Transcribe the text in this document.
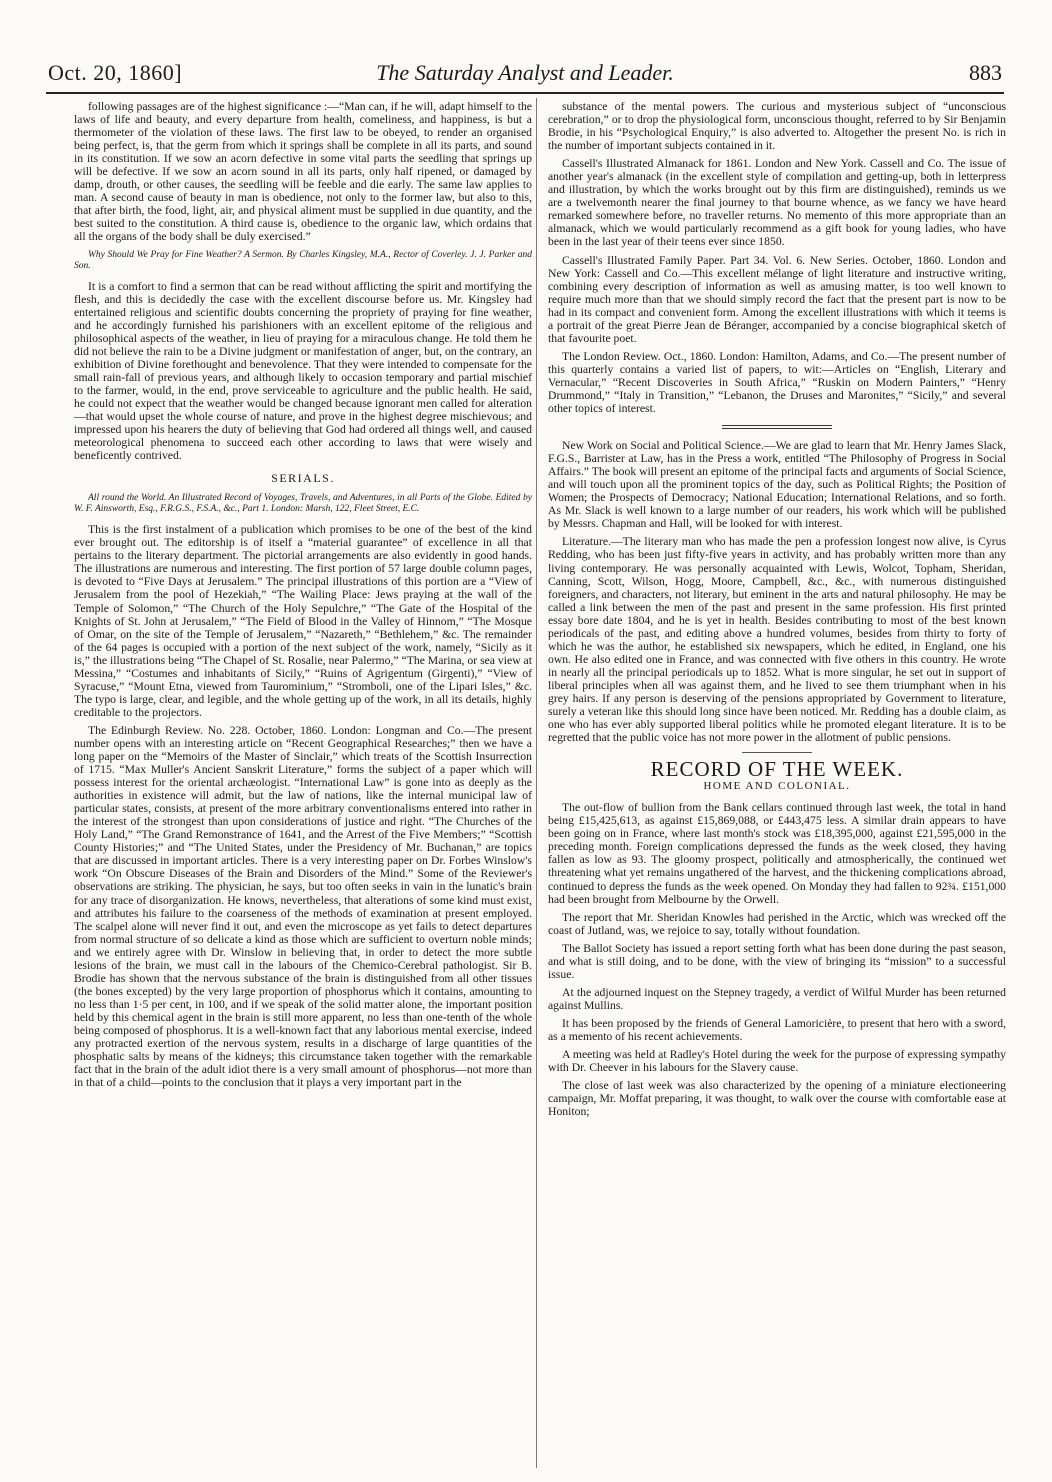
Oct. 20, 1860]	The Saturday Analyst and Leader.	883

following passages are of the highest significance :—“Man can, if he will, adapt himself to the laws of life and beauty, and every departure from health, comeliness, and happiness, is but a thermometer of the violation of these laws. The first law to be obeyed, to render an organised being perfect, is, that the germ from which it springs shall be complete in all its parts, and sound in its constitution. If we sow an acorn defective in some vital parts the seedling that springs up will be defective. If we sow an acorn sound in all its parts, only half ripened, or damaged by damp, drouth, or other causes, the seedling will be feeble and die early. The same law applies to man. A second cause of beauty in man is obedience, not only to the former law, but also to this, that after birth, the food, light, air, and physical aliment must be supplied in due quantity, and the best suited to the constitution. A third cause is, obedience to the organic law, which ordains that all the organs of the body shall be duly exercised.”

Why Should We Pray for Fine Weather? A Sermon. By Charles Kingsley, M.A., Rector of Coverley. J. J. Parker and Son.

It is a comfort to find a sermon that can be read without afflicting the spirit and mortifying the flesh, and this is decidedly the case with the excellent discourse before us. Mr. Kingsley had entertained religious and scientific doubts concerning the propriety of praying for fine weather, and he accordingly furnished his parishioners with an excellent epitome of the religious and philosophical aspects of the weather, in lieu of praying for a miraculous change. He told them he did not believe the rain to be a Divine judgment or manifestation of anger, but, on the contrary, an exhibition of Divine forethought and benevolence. That they were intended to compensate for the small rain-fall of previous years, and although likely to occasion temporary and partial mischief to the farmer, would, in the end, prove serviceable to agriculture and the public health. He said, he could not expect that the weather would be changed because ignorant men called for alteration—that would upset the whole course of nature, and prove in the highest degree mischievous; and impressed upon his hearers the duty of believing that God had ordered all things well, and caused meteorological phenomena to succeed each other according to laws that were wisely and beneficently contrived.

SERIALS.
All round the World. An Illustrated Record of Voyages, Travels, and Adventures, in all Parts of the Globe. Edited by W. F. Ainsworth, Esq., F.R.G.S., F.S.A., &c., Part 1. London: Marsh, 122, Fleet Street, E.C.

This is the first instalment of a publication which promises to be one of the best of the kind ever brought out. The editorship is of itself a “material guarantee” of excellence in all that pertains to the literary department. The pictorial arrangements are also evidently in good hands. The illustrations are numerous and interesting. The first portion of 57 large double column pages, is devoted to “Five Days at Jerusalem.” The principal illustrations of this portion are a “View of Jerusalem from the pool of Hezekiah,” “The Wailing Place: Jews praying at the wall of the Temple of Solomon,” “The Church of the Holy Sepulchre,” “The Gate of the Hospital of the Knights of St. John at Jerusalem,” “The Field of Blood in the Valley of Hinnom,” “The Mosque of Omar, on the site of the Temple of Jerusalem,” “Nazareth,” “Bethlehem,” &c. The remainder of the 64 pages is occupied with a portion of the next subject of the work, namely, “Sicily as it is,” the illustrations being “The Chapel of St. Rosalie, near Palermo,” “The Marina, or sea view at Messina,” “Costumes and inhabitants of Sicily,” “Ruins of Agrigentum (Girgenti),” “View of Syracuse,” “Mount Etna, viewed from Taurominium,” “Stromboli, one of the Lipari Isles,” &c. The typo is large, clear, and legible, and the whole getting up of the work, in all its details, highly creditable to the projectors.

The Edinburgh Review. No. 228. October, 1860. London: Longman and Co.—The present number opens with an interesting article on “Recent Geographical Researches;” then we have a long paper on the “Memoirs of the Master of Sinclair,” which treats of the Scottish Insurrection of 1715. “Max Muller's Ancient Sanskrit Literature,” forms the subject of a paper which will possess interest for the oriental archæologist. “International Law” is gone into as deeply as the authorities in existence will admit, but the law of nations, like the internal municipal law of particular states, consists, at present of the more arbitrary conventionalisms entered into rather in the interest of the strongest than upon considerations of justice and right. “The Churches of the Holy Land,” “The Grand Remonstrance of 1641, and the Arrest of the Five Members;” “Scottish County Histories;” and “The United States, under the Presidency of Mr. Buchanan,” are topics that are discussed in important articles. There is a very interesting paper on Dr. Forbes Winslow's work “On Obscure Diseases of the Brain and Disorders of the Mind.” Some of the Reviewer's observations are striking. The physician, he says, but too often seeks in vain in the lunatic's brain for any trace of disorganization. He knows, nevertheless, that alterations of some kind must exist, and attributes his failure to the coarseness of the methods of examination at present employed. The scalpel alone will never find it out, and even the microscope as yet fails to detect departures from normal structure of so delicate a kind as those which are sufficient to overturn noble minds; and we entirely agree with Dr. Winslow in believing that, in order to detect the more subtle lesions of the brain, we must call in the labours of the Chemico-Cerebral pathologist. Sir B. Brodie has shown that the nervous substance of the brain is distinguished from all other tissues (the bones excepted) by the very large proportion of phosphorus which it contains, amounting to no less than 1·5 per cent, in 100, and if we speak of the solid matter alone, the important position held by this chemical agent in the brain is still more apparent, no less than one-tenth of the whole being composed of phosphorus. It is a well-known fact that any laborious mental exercise, indeed any protracted exertion of the nervous system, results in a discharge of large quantities of the phosphatic salts by means of the kidneys; this circumstance taken together with the remarkable fact that in the brain of the adult idiot there is a very small amount of phosphorus—not more than in that of a child—points to the conclusion that it plays a very important part in the

substance of the mental powers. The curious and mysterious subject of “unconscious cerebration,” or to drop the physiological form, unconscious thought, referred to by Sir Benjamin Brodie, in his “Psychological Enquiry,” is also adverted to. Altogether the present No. is rich in the number of important subjects contained in it.

Cassell's Illustrated Almanack for 1861. London and New York. Cassell and Co. The issue of another year's almanack (in the excellent style of compilation and getting-up, both in letterpress and illustration, by which the works brought out by this firm are distinguished), reminds us we are a twelvemonth nearer the final journey to that bourne whence, as we fancy we have heard remarked somewhere before, no traveller returns. No memento of this more appropriate than an almanack, which we would particularly recommend as a gift book for young ladies, who have been in the last year of their teens ever since 1850.

Cassell's Illustrated Family Paper. Part 34. Vol. 6. New Series. October, 1860. London and New York: Cassell and Co.—This excellent mélange of light literature and instructive writing, combining every description of information as well as amusing matter, is too well known to require much more than that we should simply record the fact that the present part is now to be had in its compact and convenient form. Among the excellent illustrations with which it teems is a portrait of the great Pierre Jean de Béranger, accompanied by a concise biographical sketch of that favourite poet.

The London Review. Oct., 1860. London: Hamilton, Adams, and Co.—The present number of this quarterly contains a varied list of papers, to wit:—Articles on “English, Literary and Vernacular,” “Recent Discoveries in South Africa,” “Ruskin on Modern Painters,” “Henry Drummond,” “Italy in Transition,” “Lebanon, the Druses and Maronites,” “Sicily,” and several other topics of interest.

New Work on Social and Political Science.—We are glad to learn that Mr. Henry James Slack, F.G.S., Barrister at Law, has in the Press a work, entitled “The Philosophy of Progress in Social Affairs.” The book will present an epitome of the principal facts and arguments of Social Science, and will touch upon all the prominent topics of the day, such as Political Rights; the Position of Women; the Prospects of Democracy; National Education; International Relations, and so forth. As Mr. Slack is well known to a large number of our readers, his work which will be published by Messrs. Chapman and Hall, will be looked for with interest.

Literature.—The literary man who has made the pen a profession longest now alive, is Cyrus Redding, who has been just fifty-five years in activity, and has probably written more than any living contemporary. He was personally acquainted with Lewis, Wolcot, Topham, Sheridan, Canning, Scott, Wilson, Hogg, Moore, Campbell, &c., &c., with numerous distinguished foreigners, and characters, not literary, but eminent in the arts and natural philosophy. He may be called a link between the men of the past and present in the same profession. His first printed essay bore date 1804, and he is yet in health. Besides contributing to most of the best known periodicals of the past, and editing above a hundred volumes, besides from thirty to forty of which he was the author, he established six newspapers, which he edited, in England, one his own. He also edited one in France, and was connected with five others in this country. He wrote in nearly all the principal periodicals up to 1852. What is more singular, he set out in support of liberal principles when all was against them, and he lived to see them triumphant when in his grey hairs. If any person is deserving of the pensions appropriated by Government to literature, surely a veteran like this should long since have been noticed. Mr. Redding has a double claim, as one who has ever ably supported liberal politics while he promoted elegant literature. It is to be regretted that the public voice has not more power in the allotment of public pensions.

RECORD OF THE WEEK.
HOME AND COLONIAL.

The out-flow of bullion from the Bank cellars continued through last week, the total in hand being £15,425,613, as against £15,869,088, or £443,475 less. A similar drain appears to have been going on in France, where last month's stock was £18,395,000, against £21,595,000 in the preceding month. Foreign complications depressed the funds as the week closed, they having fallen as low as 93. The gloomy prospect, politically and atmospherically, the continued wet threatening what yet remains ungathered of the harvest, and the thickening complications abroad, continued to depress the funds as the week opened. On Monday they had fallen to 92¾. £151,000 had been brought from Melbourne by the Orwell.

The report that Mr. Sheridan Knowles had perished in the Arctic, which was wrecked off the coast of Jutland, was, we rejoice to say, totally without foundation.

The Ballot Society has issued a report setting forth what has been done during the past season, and what is still doing, and to be done, with the view of bringing its “mission” to a successful issue.

At the adjourned inquest on the Stepney tragedy, a verdict of Wilful Murder has been returned against Mullins.

It has been proposed by the friends of General Lamoricière, to present that hero with a sword, as a memento of his recent achievements.

A meeting was held at Radley's Hotel during the week for the purpose of expressing sympathy with Dr. Cheever in his labours for the Slavery cause.

The close of last week was also characterized by the opening of a miniature electioneering campaign, Mr. Moffat preparing, it was thought, to walk over the course with comfortable ease at Honiton;
